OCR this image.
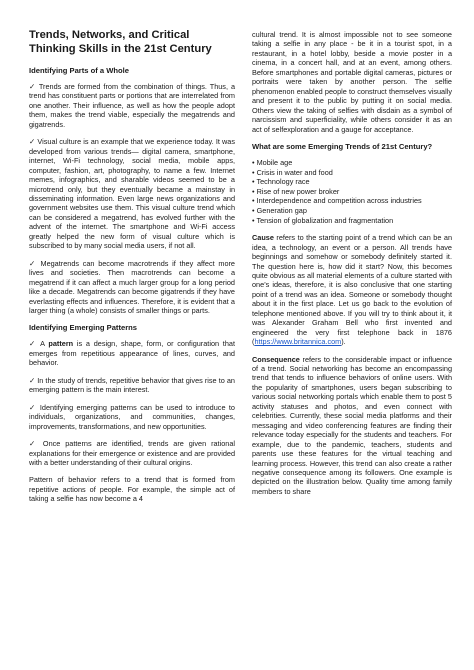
Trends, Networks, and Critical Thinking Skills in the 21st Century
Identifying Parts of a Whole

✓ Trends are formed from the combination of things. Thus, a trend has constituent parts or portions that are interrelated from one another. Their influence, as well as how the people adopt them, makes the trend viable, especially the megatrends and gigatrends.

✓ Visual culture is an example that we experience today. It was developed from various trends— digital camera, smartphone, internet, Wi-Fi technology, social media, mobile apps, computer, fashion, art, photography, to name a few. Internet memes, infographics, and sharable videos seemed to be a microtrend only, but they eventually became a mainstay in disseminating information. Even large news organizations and government websites use them. This visual culture trend which can be considered a megatrend, has evolved further with the advent of the internet. The smartphone and Wi-Fi access greatly helped the new form of visual culture which is subscribed to by many social media users, if not all.

✓ Megatrends can become macrotrends if they affect more lives and societies. Then macrotrends can become a megatrend if it can affect a much larger group for a long period like a decade. Megatrends can become gigatrends if they have everlasting effects and influences. Therefore, it is evident that a larger thing (a whole) consists of smaller things or parts.

Identifying Emerging Patterns

✓ A pattern is a design, shape, form, or configuration that emerges from repetitious appearance of lines, curves, and behavior.

✓ In the study of trends, repetitive behavior that gives rise to an emerging pattern is the main interest.

✓ Identifying emerging patterns can be used to introduce to individuals, organizations, and communities, changes, improvements, transformations, and new opportunities.

✓ Once patterns are identified, trends are given rational explanations for their emergence or existence and are provided with a better understanding of their cultural origins.

Pattern of behavior refers to a trend that is formed from repetitive actions of people. For example, the simple act of taking a selfie has now become a 4

cultural trend. It is almost impossible not to see someone taking a selfie in any place - be it in a tourist spot, in a restaurant, in a hotel lobby, beside a movie poster in a cinema, in a concert hall, and at an event, among others. Before smartphones and portable digital cameras, pictures or portraits were taken by another person. The selfie phenomenon enabled people to construct themselves visually and present it to the public by putting it on social media. Others view the taking of selfies with disdain as a symbol of narcissism and superficiality, while others consider it as an act of selfexploration and a gauge for acceptance.

What are some Emerging Trends of 21st Century?
• Mobile age
• Crisis in water and food
• Technology race
• Rise of new power broker
• Interdependence and competition across industries
• Generation gap
• Tension of globalization and fragmentation

Cause refers to the starting point of a trend which can be an idea, a technology, an event or a person. All trends have beginnings and somehow or somebody definitely started it. The question here is, how did it start? Now, this becomes quite obvious as all material elements of a culture started with one’s ideas, therefore, it is also conclusive that one starting point of a trend was an idea. Someone or somebody thought about it in the first place. Let us go back to the evolution of telephone mentioned above. If you will try to think about it, it was Alexander Graham Bell who first invented and engineered the very first telephone back in 1876 (https://www.britannica.com).

Consequence refers to the considerable impact or influence of a trend. Social networking has become an encompassing trend that tends to influence behaviors of online users. With the popularity of smartphones, users began subscribing to various social networking portals which enable them to post 5 activity statuses and photos, and even connect with celebrities. Currently, these social media platforms and their messaging and video conferencing features are finding their relevance today especially for the students and teachers. For example, due to the pandemic, teachers, students and parents use these features for the virtual teaching and learning process. However, this trend can also create a rather negative consequence among its followers. One example is depicted on the illustration below. Quality time among family members to share
